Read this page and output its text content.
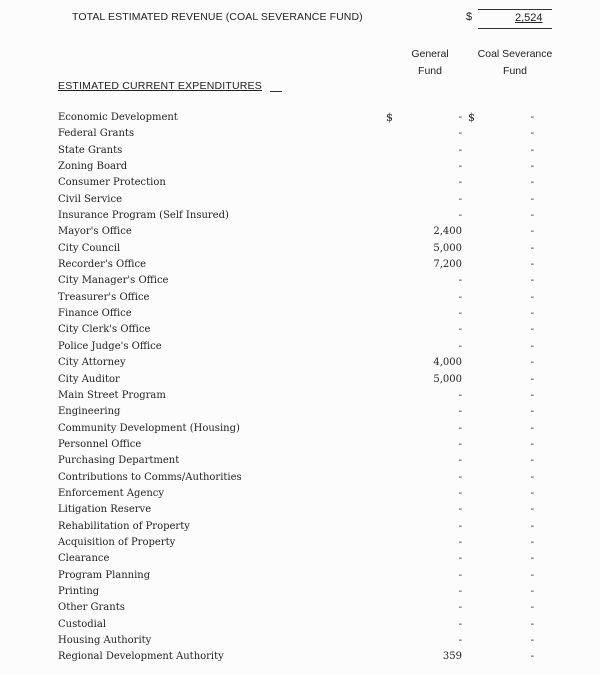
TOTAL ESTIMATED REVENUE (COAL SEVERANCE FUND)	$	2,524
General
Fund
Coal Severance
Fund
ESTIMATED CURRENT EXPENDITURES
$	$
Economic Development	-	-
Federal Grants	-	-
State Grants	-	-
Zoning Board	-	-
Consumer Protection	-	-
Civil Service	-	-
Insurance Program (Self Insured)	-	-
Mayor's Office	2,400	-
City Council	5,000	-
Recorder's Office	7,200	-
City Manager's Office	-	-
Treasurer's Office	-	-
Finance Office	-	-
City Clerk's Office	-	-
Police Judge's Office	-	-
City Attorney	4,000	-
City Auditor	5,000	-
Main Street Program	-	-
Engineering	-	-
Community Development (Housing)	-	-
Personnel Office	-	-
Purchasing Department	-	-
Contributions to Comms/Authorities	-	-
Enforcement Agency	-	-
Litigation Reserve	-	-
Rehabilitation of Property	-	-
Acquisition of Property	-	-
Clearance	-	-
Program Planning	-	-
Printing	-	-
Other Grants	-	-
Custodial	-	-
Housing Authority	-	-
Regional Development Authority	359	-
